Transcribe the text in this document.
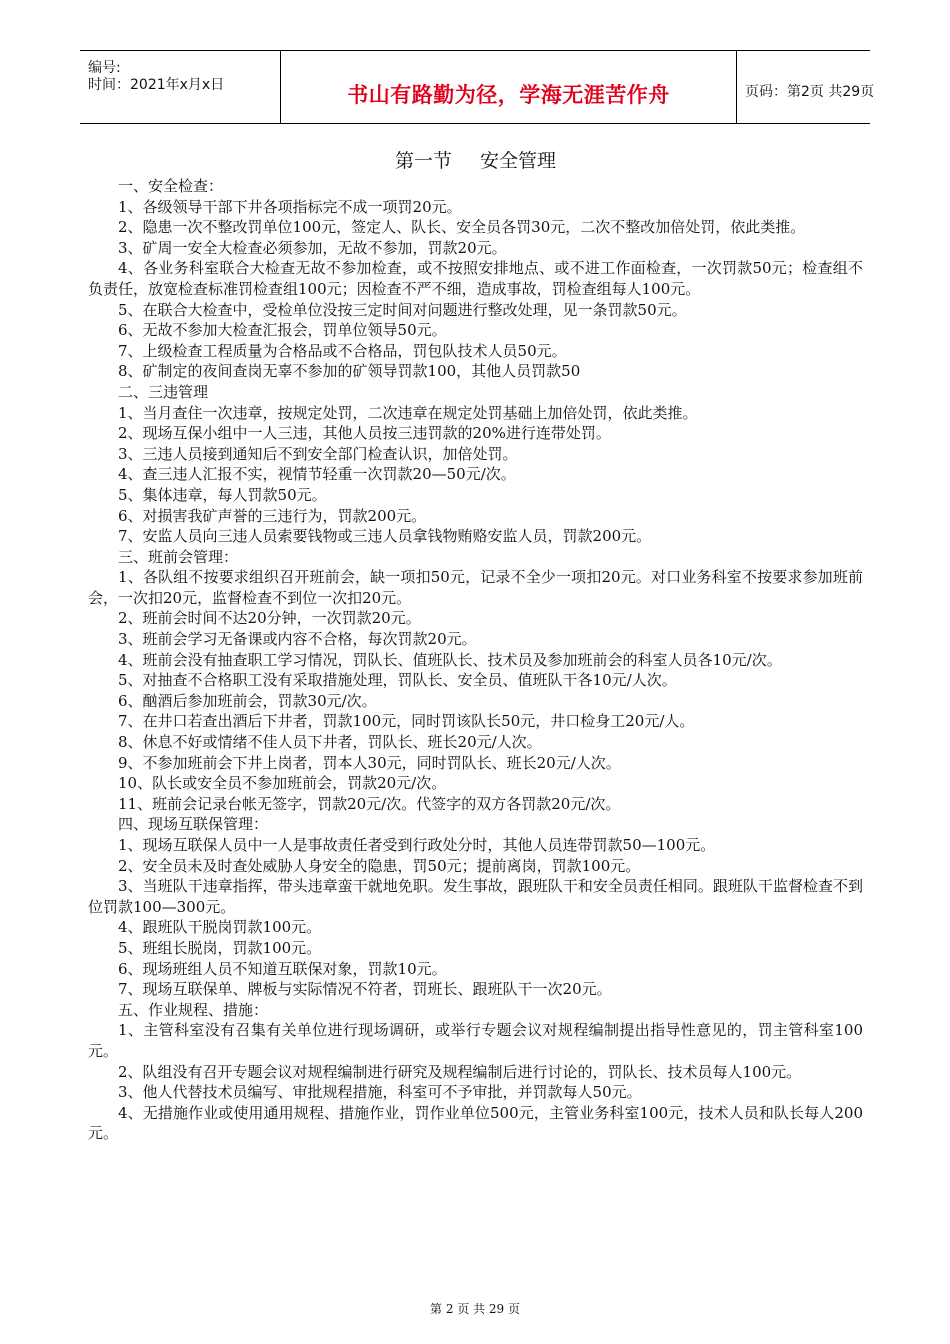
编号:
时间：2021年x月x日	书山有路勤为径，学海无涯苦作舟	页码：第2页 共29页
第一节 安全管理
一、安全检查：
1、各级领导干部下井各项指标完不成一项罚20元。
2、隐患一次不整改罚单位100元，签定人、队长、安全员各罚30元，二次不整改加倍处罚，依此类推。
3、矿周一安全大检查必须参加，无故不参加，罚款20元。
4、各业务科室联合大检查无故不参加检查，或不按照安排地点、或不进工作面检查，一次罚款50元；检查组不负责任，放宽检查标准罚检查组100元；因检查不严不细，造成事故，罚检查组每人100元。
5、在联合大检查中，受检单位没按三定时间对问题进行整改处理，见一条罚款50元。
6、无故不参加大检查汇报会，罚单位领导50元。
7、上级检查工程质量为合格品或不合格品，罚包队技术人员50元。
8、矿制定的夜间查岗无辜不参加的矿领导罚款100，其他人员罚款50
二、三违管理
1、当月查住一次违章，按规定处罚，二次违章在规定处罚基础上加倍处罚，依此类推。
2、现场互保小组中一人三违，其他人员按三违罚款的20%进行连带处罚。
3、三违人员接到通知后不到安全部门检查认识，加倍处罚。
4、查三违人汇报不实，视情节轻重一次罚款20—50元/次。
5、集体违章，每人罚款50元。
6、对损害我矿声誉的三违行为，罚款200元。
7、安监人员向三违人员索要钱物或三违人员拿钱物贿赂安监人员，罚款200元。
三、班前会管理：
1、各队组不按要求组织召开班前会，缺一项扣50元，记录不全少一项扣20元。对口业务科室不按要求参加班前会，一次扣20元，监督检查不到位一次扣20元。
2、班前会时间不达20分钟，一次罚款20元。
3、班前会学习无备课或内容不合格，每次罚款20元。
4、班前会没有抽查职工学习情况，罚队长、值班队长、技术员及参加班前会的科室人员各10元/次。
5、对抽查不合格职工没有采取措施处理，罚队长、安全员、值班队干各10元/人次。
6、酗酒后参加班前会，罚款30元/次。
7、在井口若查出酒后下井者，罚款100元，同时罚该队长50元，井口检身工20元/人。
8、休息不好或情绪不佳人员下井者，罚队长、班长20元/人次。
9、不参加班前会下井上岗者，罚本人30元，同时罚队长、班长20元/人次。
10、队长或安全员不参加班前会，罚款20元/次。
11、班前会记录台帐无签字，罚款20元/次。代签字的双方各罚款20元/次。
四、现场互联保管理：
1、现场互联保人员中一人是事故责任者受到行政处分时，其他人员连带罚款50—100元。
2、安全员未及时查处威胁人身安全的隐患，罚50元；提前离岗，罚款100元。
3、当班队干违章指挥，带头违章蛮干就地免职。发生事故，跟班队干和安全员责任相同。跟班队干监督检查不到位罚款100—300元。
4、跟班队干脱岗罚款100元。
5、班组长脱岗，罚款100元。
6、现场班组人员不知道互联保对象，罚款10元。
7、现场互联保单、牌板与实际情况不符者，罚班长、跟班队干一次20元。
五、作业规程、措施：
1、主管科室没有召集有关单位进行现场调研，或举行专题会议对规程编制提出指导性意见的，罚主管科室100元。
2、队组没有召开专题会议对规程编制进行研究及规程编制后进行讨论的，罚队长、技术员每人100元。
3、他人代替技术员编写、审批规程措施，科室可不予审批，并罚款每人50元。
4、无措施作业或使用通用规程、措施作业，罚作业单位500元，主管业务科室100元，技术人员和队长每人200元。
第 2 页 共 29 页
